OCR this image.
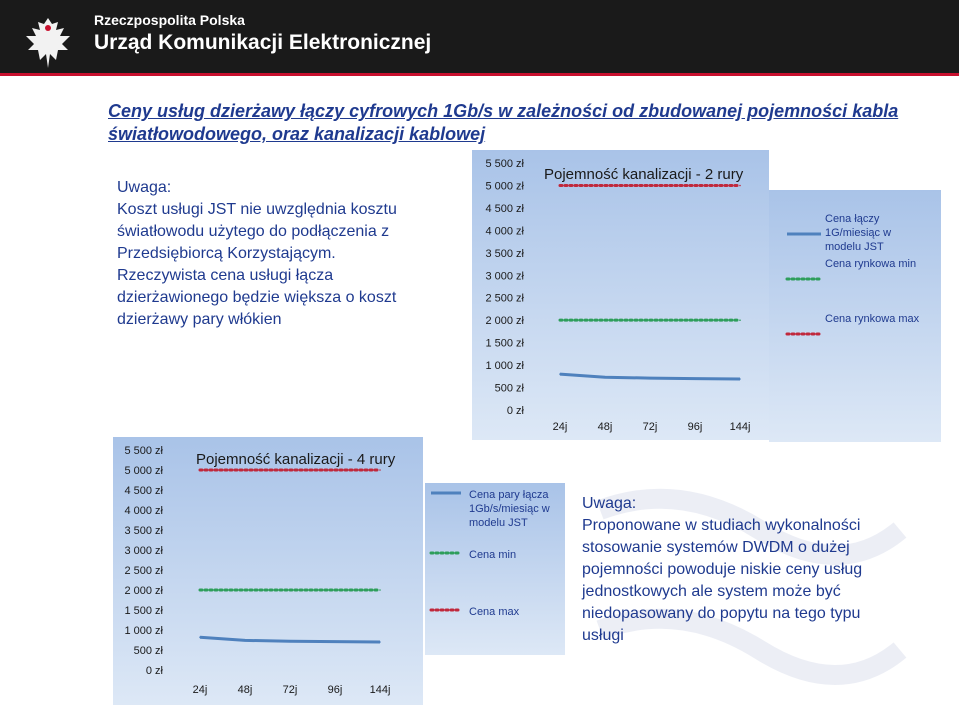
Rzeczpospolita Polska
Urząd Komunikacji Elektronicznej
Ceny usług dzierżawy łączy cyfrowych 1Gb/s w zależności od zbudowanej pojemności kabla światłowodowego, oraz kanalizacji kablowej
Uwaga:
Koszt usługi JST nie uwzględnia kosztu światłowodu użytego do podłączenia z Przedsiębiorcą Korzystającym.
Rzeczywista cena usługi łącza dzierżawionego będzie większa o koszt dzierżawy pary włókien
Pojemność kanalizacji - 2 rury
0 zł
500 zł
1 000 zł
1 500 zł
2 000 zł
2 500 zł
3 000 zł
3 500 zł
4 000 zł
4 500 zł
5 000 zł
5 500 zł
24j	48j	72j	96j 144j
Cena łączy 1G/miesiąc w modelu JST
Cena rynkowa min
Cena rynkowa max
Pojemność kanalizacji - 4 rury
0 zł
500 zł
1 000 zł
1 500 zł
2 000 zł
2 500 zł
3 000 zł
3 500 zł
4 000 zł
4 500 zł
5 000 zł
5 500 zł
24j	48j	72j	96j 144j
Cena pary łącza 1Gb/s/miesiąc w modelu JST
Cena min
Cena max
Uwaga:
Proponowane w studiach wykonalności stosowanie systemów DWDM o dużej pojemności powoduje niskie ceny usług jednostkowych ale system może być niedopasowany do popytu na tego typu usługi
